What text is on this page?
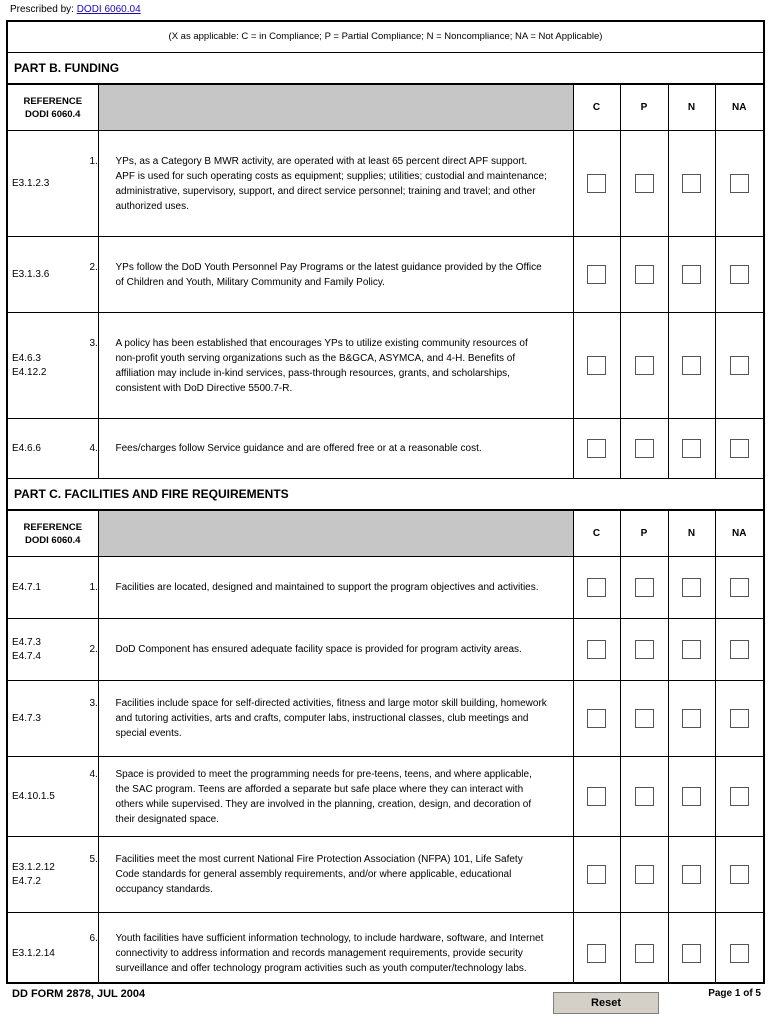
Prescribed by: DODI 6060.04
(X as applicable: C = in Compliance; P = Partial Compliance; N = Noncompliance; NA = Not Applicable)
PART B. FUNDING
REFERENCE
DODI 6060.4		C	P	N	NA
E3.1.2.3	1. YPs, as a Category B MWR activity, are operated with at least 65 percent direct APF support. APF is used for such operating costs as equipment; supplies; utilities; custodial and maintenance; administrative, supervisory, support, and direct service personnel; training and travel; and other authorized uses.				

E3.1.3.6	2. YPs follow the DoD Youth Personnel Pay Programs or the latest guidance provided by the Office of Children and Youth, Military Community and Family Policy.				

E4.6.3
E4.12.2	3. A policy has been established that encourages YPs to utilize existing community resources of non-profit youth serving organizations such as the B&GCA, ASYMCA, and 4-H. Benefits of affiliation may include in-kind services, pass-through resources, grants, and scholarships, consistent with DoD Directive 5500.7-R.				

E4.6.6	4. Fees/charges follow Service guidance and are offered free or at a reasonable cost.				

PART C. FACILITIES AND FIRE REQUIREMENTS
REFERENCE
DODI 6060.4		C	P	N	NA
E4.7.1	1. Facilities are located, designed and maintained to support the program objectives and activities.				

E4.7.3
E4.7.4	2. DoD Component has ensured adequate facility space is provided for program activity areas.				

E4.7.3	3. Facilities include space for self-directed activities, fitness and large motor skill building, homework and tutoring activities, arts and crafts, computer labs, instructional classes, club meetings and special events.				

E4.10.1.5	4. Space is provided to meet the programming needs for pre-teens, teens, and where applicable, the SAC program. Teens are afforded a separate but safe place where they can interact with others while supervised. They are involved in the planning, creation, design, and decoration of their designated space.				

E3.1.2.12
E4.7.2	5. Facilities meet the most current National Fire Protection Association (NFPA) 101, Life Safety Code standards for general assembly requirements, and/or where applicable, educational occupancy standards.				

E3.1.2.14	6. Youth facilities have sufficient information technology, to include hardware, software, and Internet connectivity to address information and records management requirements, provide security surveillance and offer technology program activities such as youth computer/technology labs.				

DD FORM 2878, JUL 2004
Reset
Page 1 of 5
